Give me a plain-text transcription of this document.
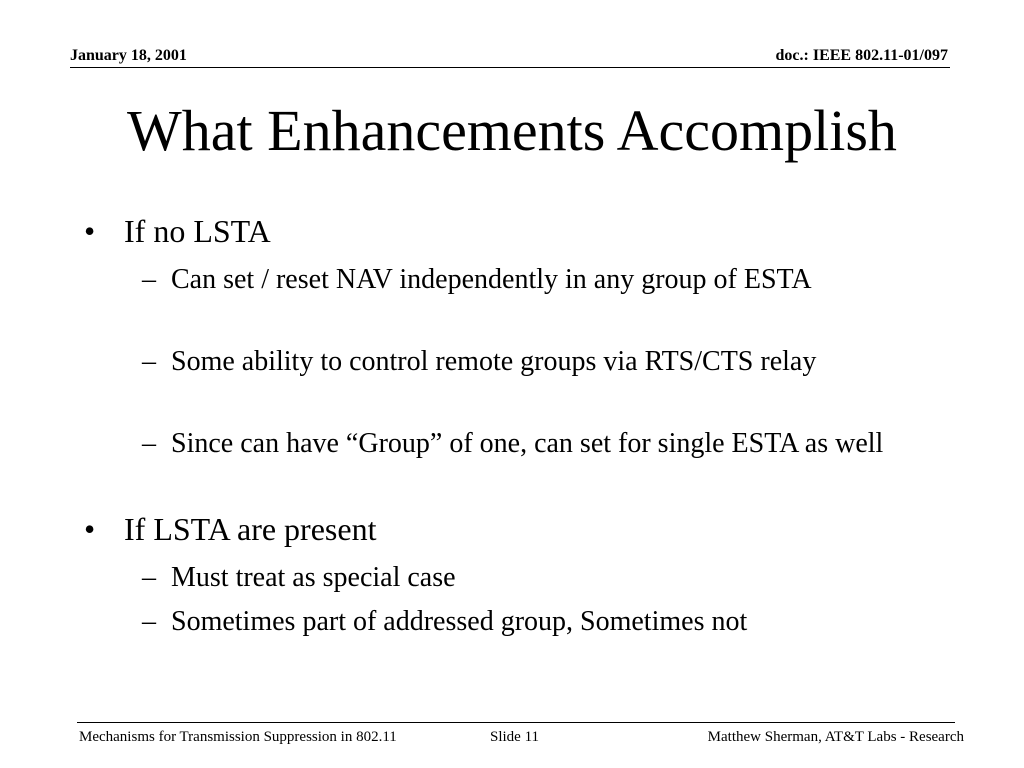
January 18, 2001	doc.: IEEE 802.11-01/097
What Enhancements Accomplish
• If no LSTA
– Can set / reset NAV independently in any group of ESTA
– Some ability to control remote groups via RTS/CTS relay
– Since can have “Group” of one, can set for single ESTA as well
• If LSTA are present
– Must treat as special case
– Sometimes part of addressed group, Sometimes not
Mechanisms for Transmission Suppression in 802.11	Slide 11	Matthew Sherman, AT&T Labs - Research
